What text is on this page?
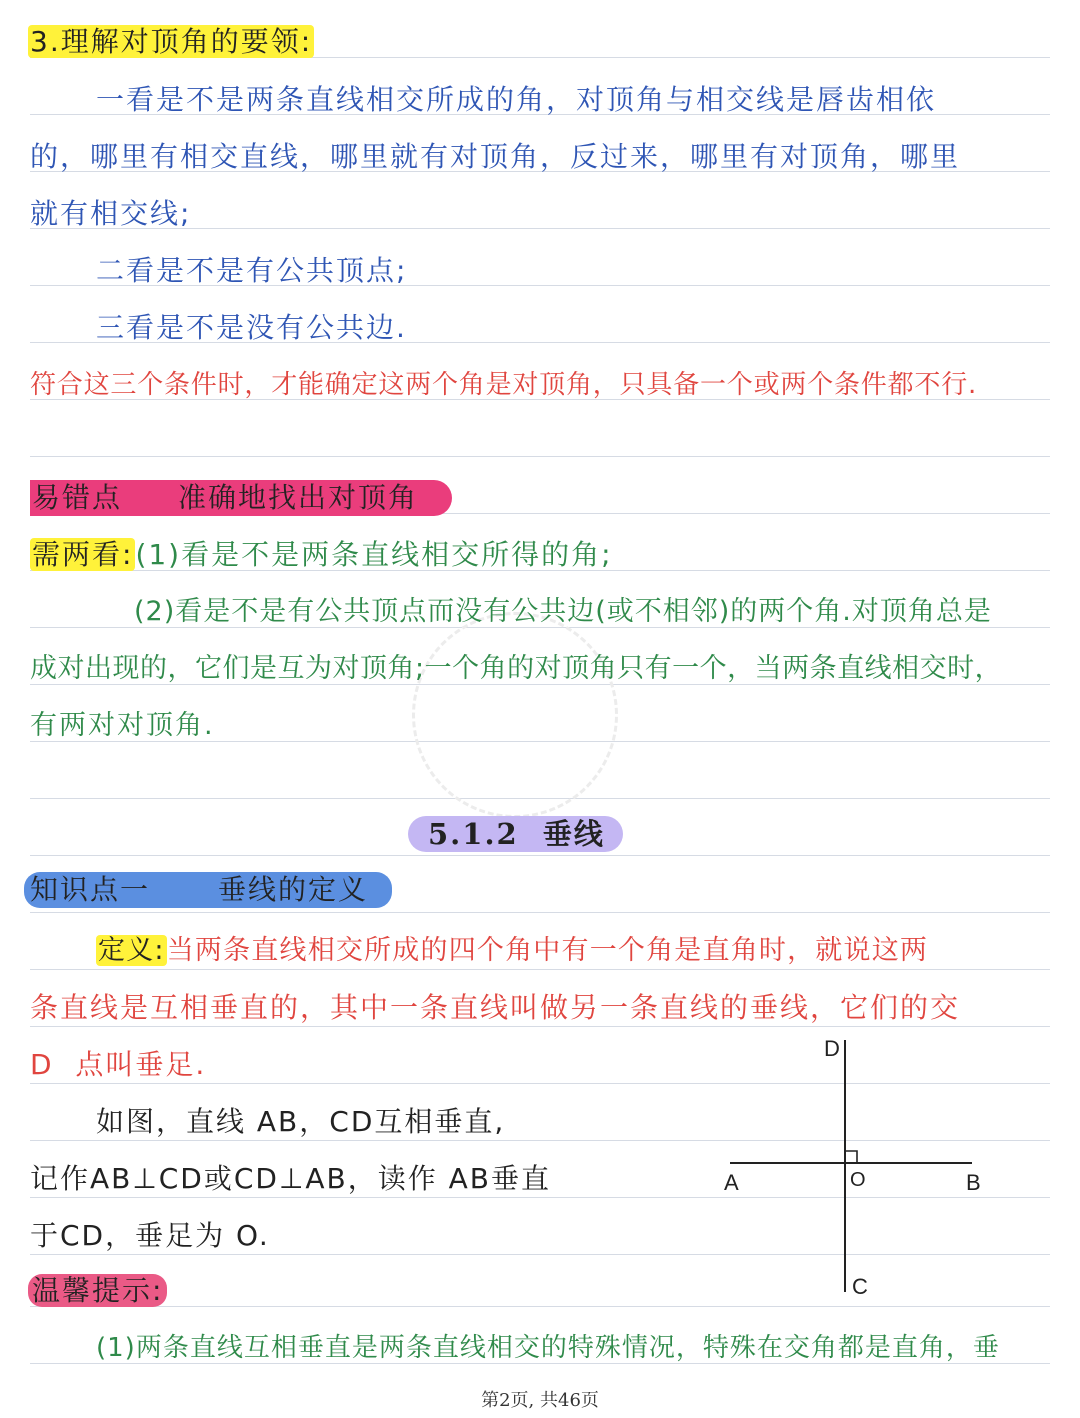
3.理解对顶角的要领:
一看是不是两条直线相交所成的角，对顶角与相交线是唇齿相依
的，哪里有相交直线，哪里就有对顶角，反过来，哪里有对顶角，哪里
就有相交线;
二看是不是有公共顶点;
三看是不是没有公共边.
符合这三个条件时，才能确定这两个角是对顶角，只具备一个或两个条件都不行.
易错点 准确地找出对顶角
需两看:(1)看是不是两条直线相交所得的角;
(2)看是不是有公共顶点而没有公共边(或不相邻)的两个角.对顶角总是
成对出现的，它们是互为对顶角;一个角的对顶角只有一个，当两条直线相交时，
有两对对顶角.
5.1.2  垂线
知识点一 垂线的定义
定义:当两条直线相交所成的四个角中有一个角是直角时，就说这两
条直线是互相垂直的，其中一条直线叫做另一条直线的垂线，它们的交
D  点叫垂足.
如图，直线 AB，CD互相垂直,
记作AB⊥CD或CD⊥AB，读作 AB垂直
于CD，垂足为 O.
D
A	O	B
C
温馨提示:
(1)两条直线互相垂直是两条直线相交的特殊情况，特殊在交角都是直角，垂
第2页, 共46页
